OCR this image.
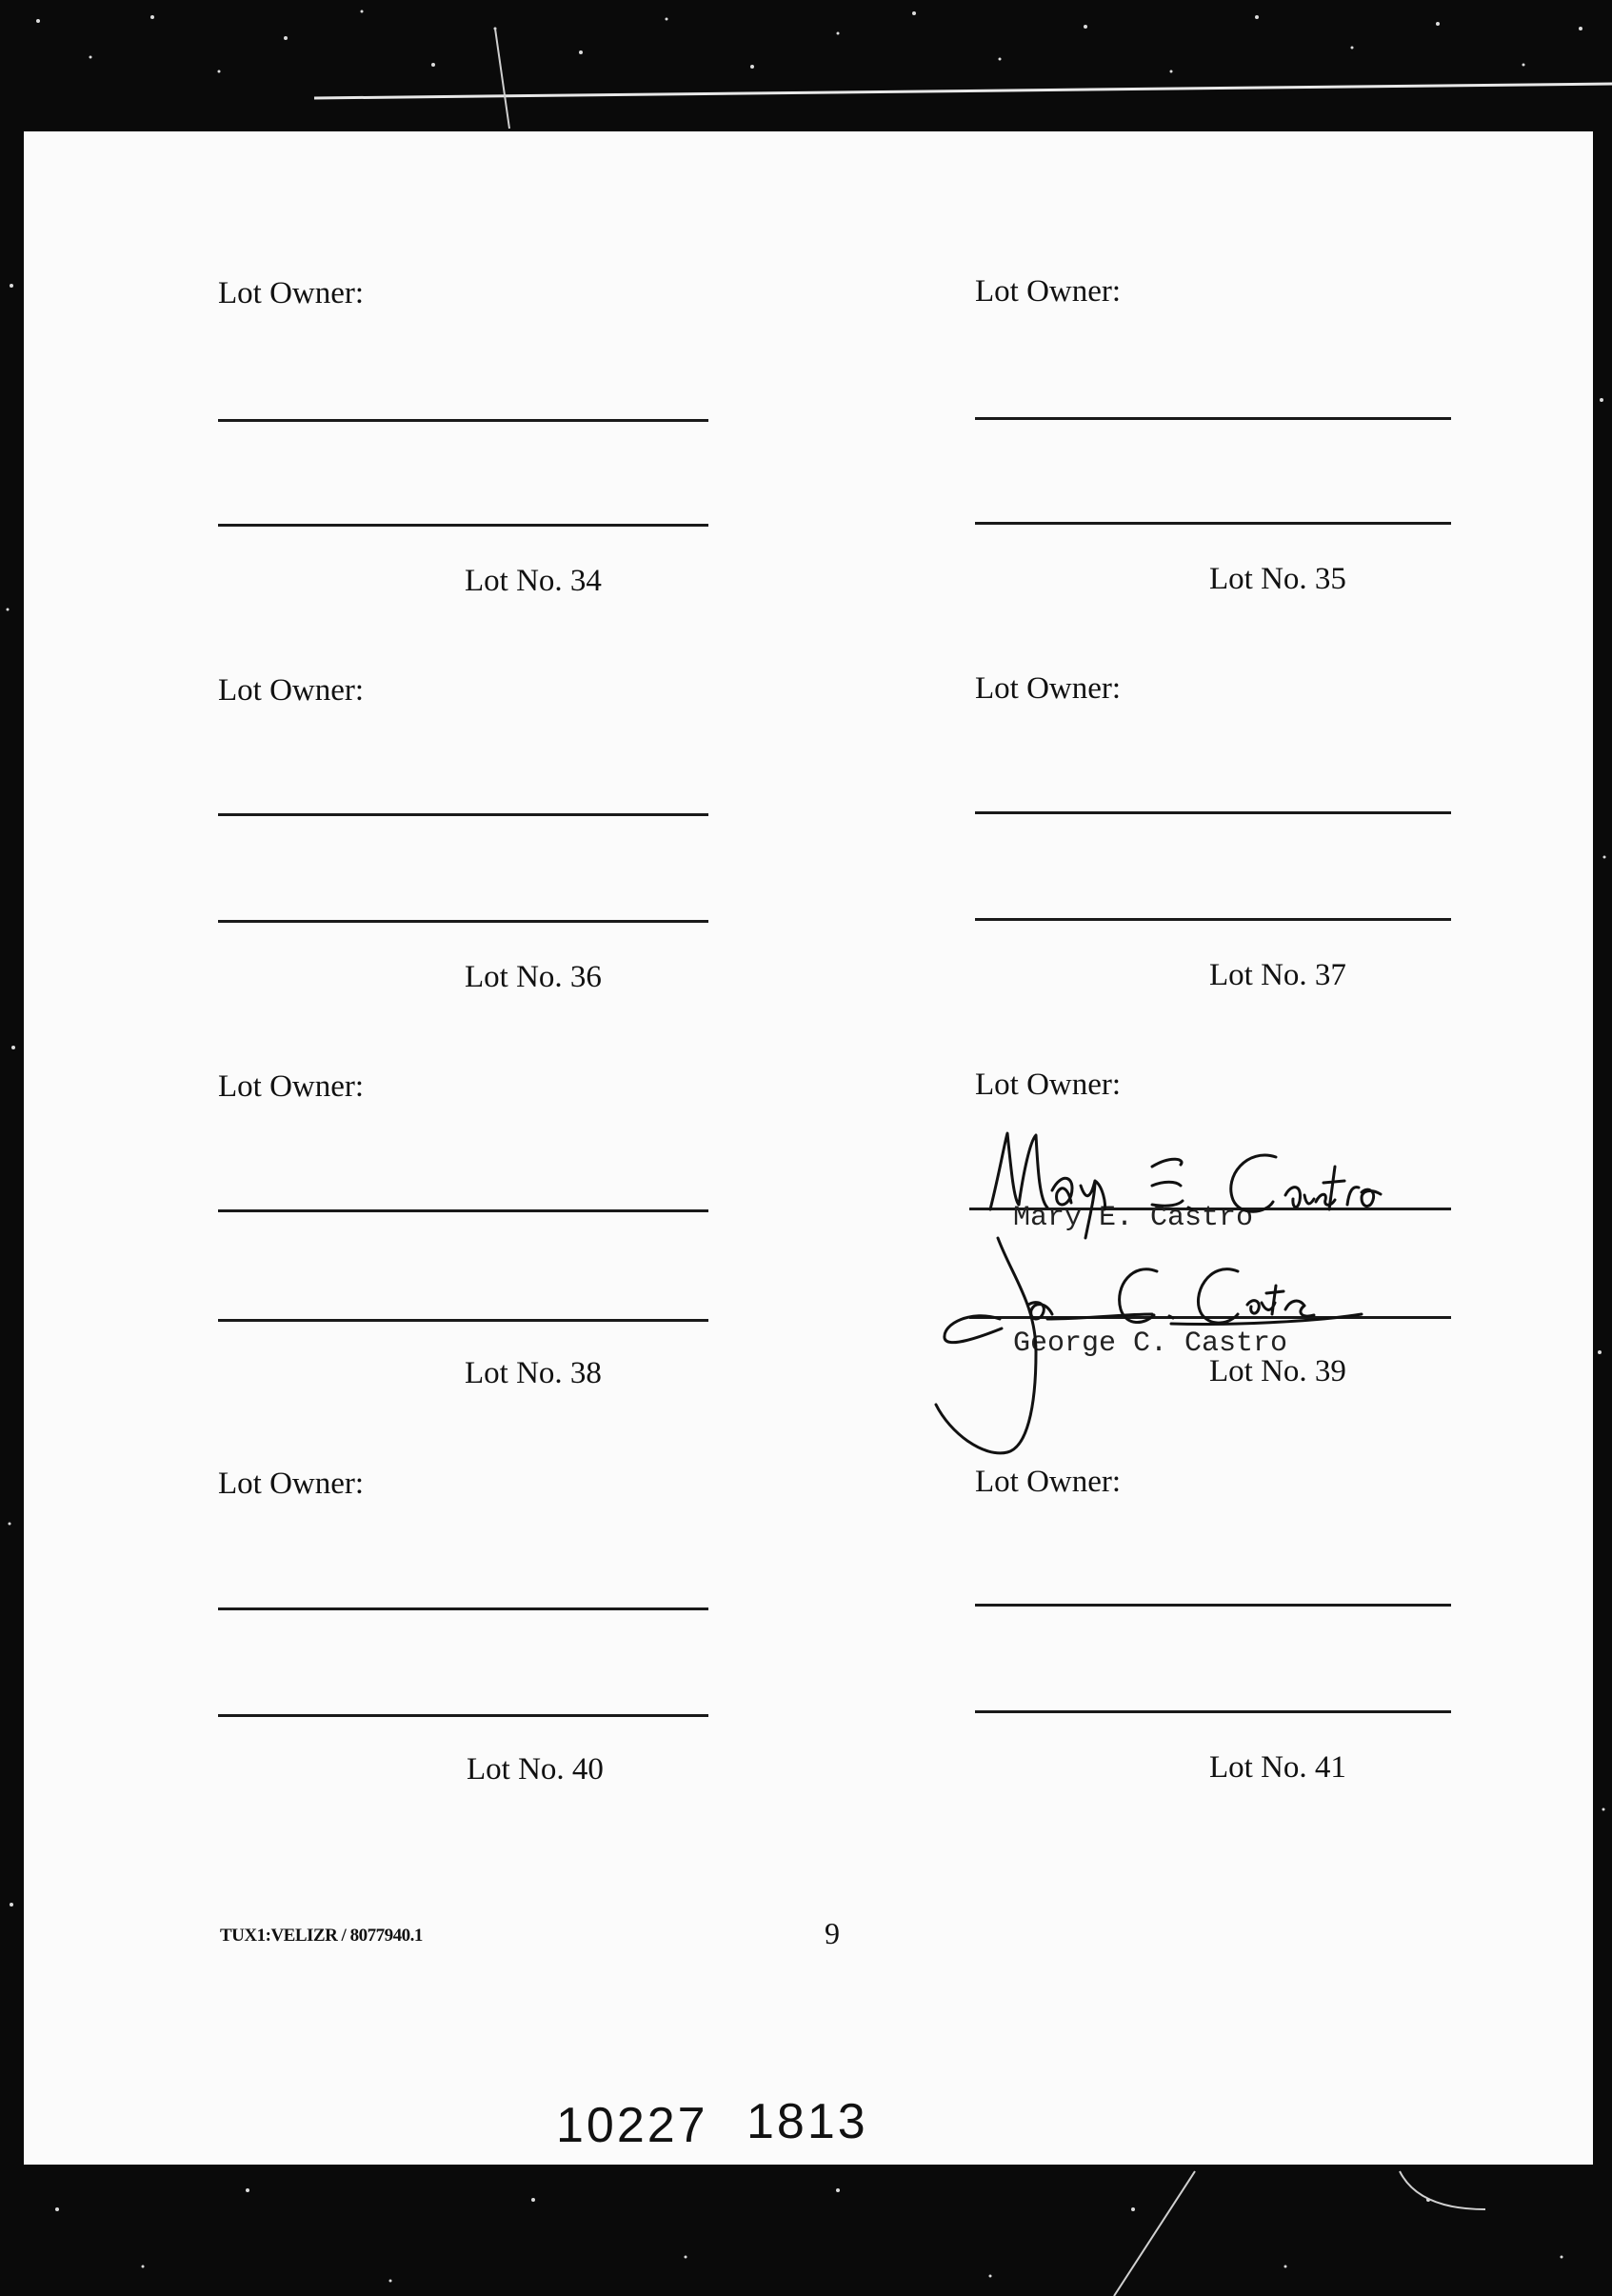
Lot Owner:
Lot No. 34
Lot Owner:
Lot No. 35
Lot Owner:
Lot No. 36
Lot Owner:
Lot No. 37
Lot Owner:
Lot No. 38
Lot Owner:
Mary E. Castro
George C. Castro
Lot No. 39
Mary E. Castro
George C. Castro
Lot Owner:
Lot No. 40
Lot Owner:
Lot No. 41
TUX1:VELIZR / 8077940.1	9
10227 1813
